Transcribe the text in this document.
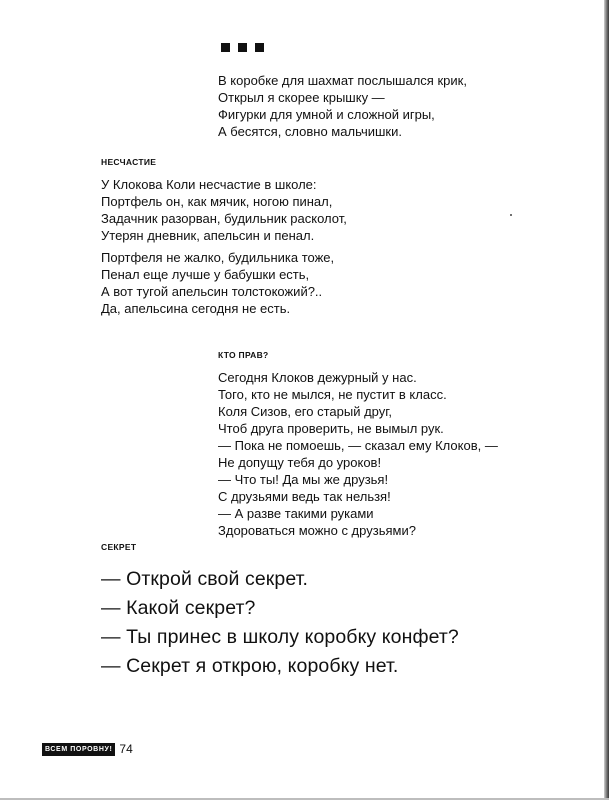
В коробке для шахмат послышался крик,
Открыл я скорее крышку —
Фигурки для умной и сложной игры,
А бесятся, словно мальчишки.
НЕСЧАСТИЕ
У Клокова Коли несчастие в школе:
Портфель он, как мячик, ногою пинал,
Задачник разорван, будильник расколот,
Утерян дневник, апельсин и пенал.
Портфеля не жалко, будильника тоже,
Пенал еще лучше у бабушки есть,
А вот тугой апельсин толстокожий?..
Да, апельсина сегодня не есть.
КТО ПРАВ?
Сегодня Клоков дежурный у нас.
Того, кто не мылся, не пустит в класс.
Коля Сизов, его старый друг,
Чтоб друга проверить, не вымыл рук.
— Пока не помоешь, — сказал ему Клоков, —
Не допущу тебя до уроков!
— Что ты! Да мы же друзья!
С друзьями ведь так нельзя!
— А разве такими руками
Здороваться можно с друзьями?
СЕКРЕТ
— Открой свой секрет.
— Какой секрет?
— Ты принес в школу коробку конфет?
— Секрет я открою, коробку нет.
ВСЕМ ПОРОВНУ! 74
